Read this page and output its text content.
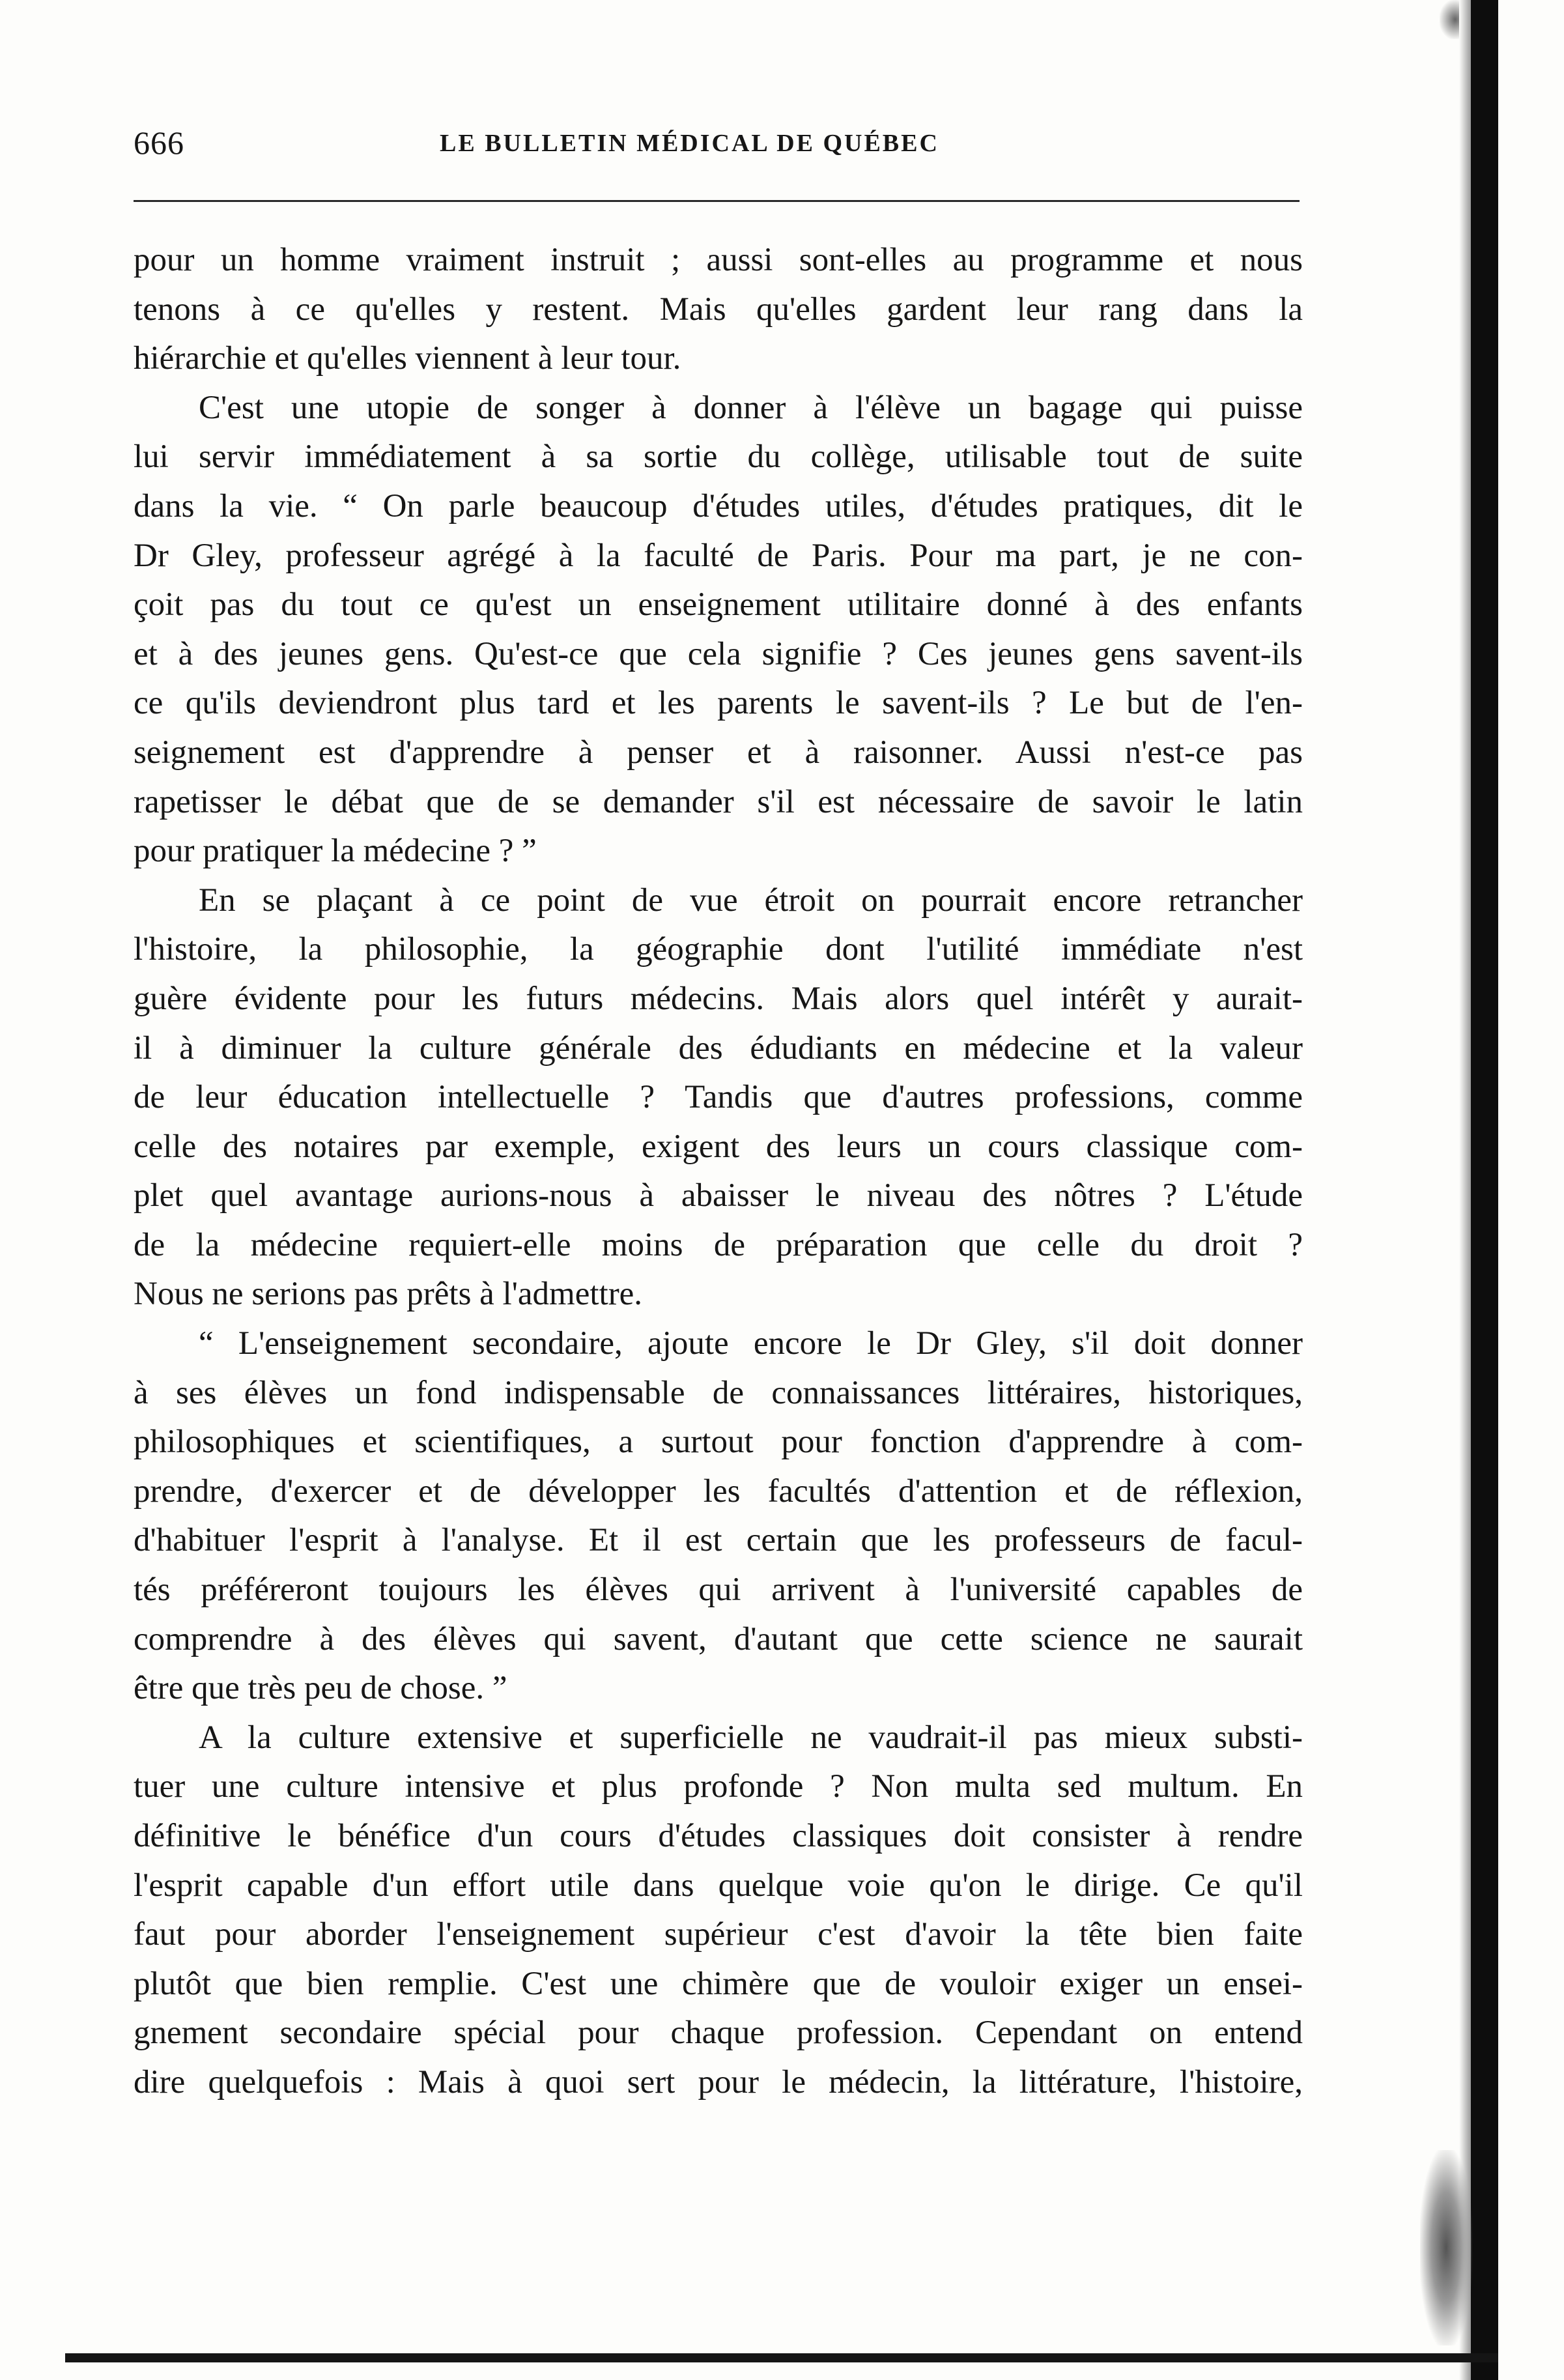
666	LE BULLETIN MÉDICAL DE QUÉBEC
pour un homme vraiment instruit ; aussi sont-elles au programme et nous
tenons à ce qu'elles y restent. Mais qu'elles gardent leur rang dans la
hiérarchie et qu'elles viennent à leur tour.
C'est une utopie de songer à donner à l'élève un bagage qui puisse
lui servir immédiatement à sa sortie du collège, utilisable tout de suite
dans la vie. “ On parle beaucoup d'études utiles, d'études pratiques, dit le
Dr Gley, professeur agrégé à la faculté de Paris. Pour ma part, je ne con-
çoit pas du tout ce qu'est un enseignement utilitaire donné à des enfants
et à des jeunes gens. Qu'est-ce que cela signifie ? Ces jeunes gens savent-ils
ce qu'ils deviendront plus tard et les parents le savent-ils ? Le but de l'en-
seignement est d'apprendre à penser et à raisonner. Aussi n'est-ce pas
rapetisser le débat que de se demander s'il est nécessaire de savoir le latin
pour pratiquer la médecine ? ”
En se plaçant à ce point de vue étroit on pourrait encore retrancher
l'histoire, la philosophie, la géographie dont l'utilité immédiate n'est
guère évidente pour les futurs médecins. Mais alors quel intérêt y aurait-
il à diminuer la culture générale des édudiants en médecine et la valeur
de leur éducation intellectuelle ? Tandis que d'autres professions, comme
celle des notaires par exemple, exigent des leurs un cours classique com-
plet quel avantage aurions-nous à abaisser le niveau des nôtres ? L'étude
de la médecine requiert-elle moins de préparation que celle du droit ?
Nous ne serions pas prêts à l'admettre.
“ L'enseignement secondaire, ajoute encore le Dr Gley, s'il doit donner
à ses élèves un fond indispensable de connaissances littéraires, historiques,
philosophiques et scientifiques, a surtout pour fonction d'apprendre à com-
prendre, d'exercer et de développer les facultés d'attention et de réflexion,
d'habituer l'esprit à l'analyse. Et il est certain que les professeurs de facul-
tés préféreront toujours les élèves qui arrivent à l'université capables de
comprendre à des élèves qui savent, d'autant que cette science ne saurait
être que très peu de chose. ”
A la culture extensive et superficielle ne vaudrait-il pas mieux substi-
tuer une culture intensive et plus profonde ? Non multa sed multum. En
définitive le bénéfice d'un cours d'études classiques doit consister à rendre
l'esprit capable d'un effort utile dans quelque voie qu'on le dirige. Ce qu'il
faut pour aborder l'enseignement supérieur c'est d'avoir la tête bien faite
plutôt que bien remplie. C'est une chimère que de vouloir exiger un ensei-
gnement secondaire spécial pour chaque profession. Cependant on entend
dire quelquefois : Mais à quoi sert pour le médecin, la littérature, l'histoire,
